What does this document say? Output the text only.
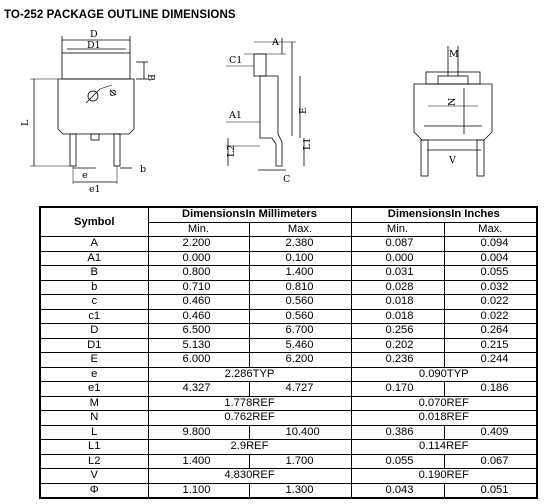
TO-252 PACKAGE OUTLINE DIMENSIONS
D
D1
B
L
e
e1
b
Φ
C1
A
A1
L2
L1
E
C
M
N
V
Symbol	DimensionsIn Millimeters		DimensionsIn Inches	
	Min.	Max.	Min.	Max.
A	2.200	2.380	0.087	0.094
A1	0.000	0.100	0.000	0.004
B	0.800	1.400	0.031	0.055
b	0.710	0.810	0.028	0.032
c	0.460	0.560	0.018	0.022
c1	0.460	0.560	0.018	0.022
D	6.500	6.700	0.256	0.264
D1	5.130	5.460	0.202	0.215
E	6.000	6.200	0.236	0.244
e	2.286TYP		0.090TYP	
e1	4.327	4.727	0.170	0.186
M	1.778REF		0.070REF	
N	0.762REF		0.018REF	
L	9.800	10.400	0.386	0.409
L1	2.9REF		0.114REF	
L2	1.400	1.700	0.055	0.067
V	4.830REF		0.190REF	
Φ	1.100	1.300	0.043	0.051
